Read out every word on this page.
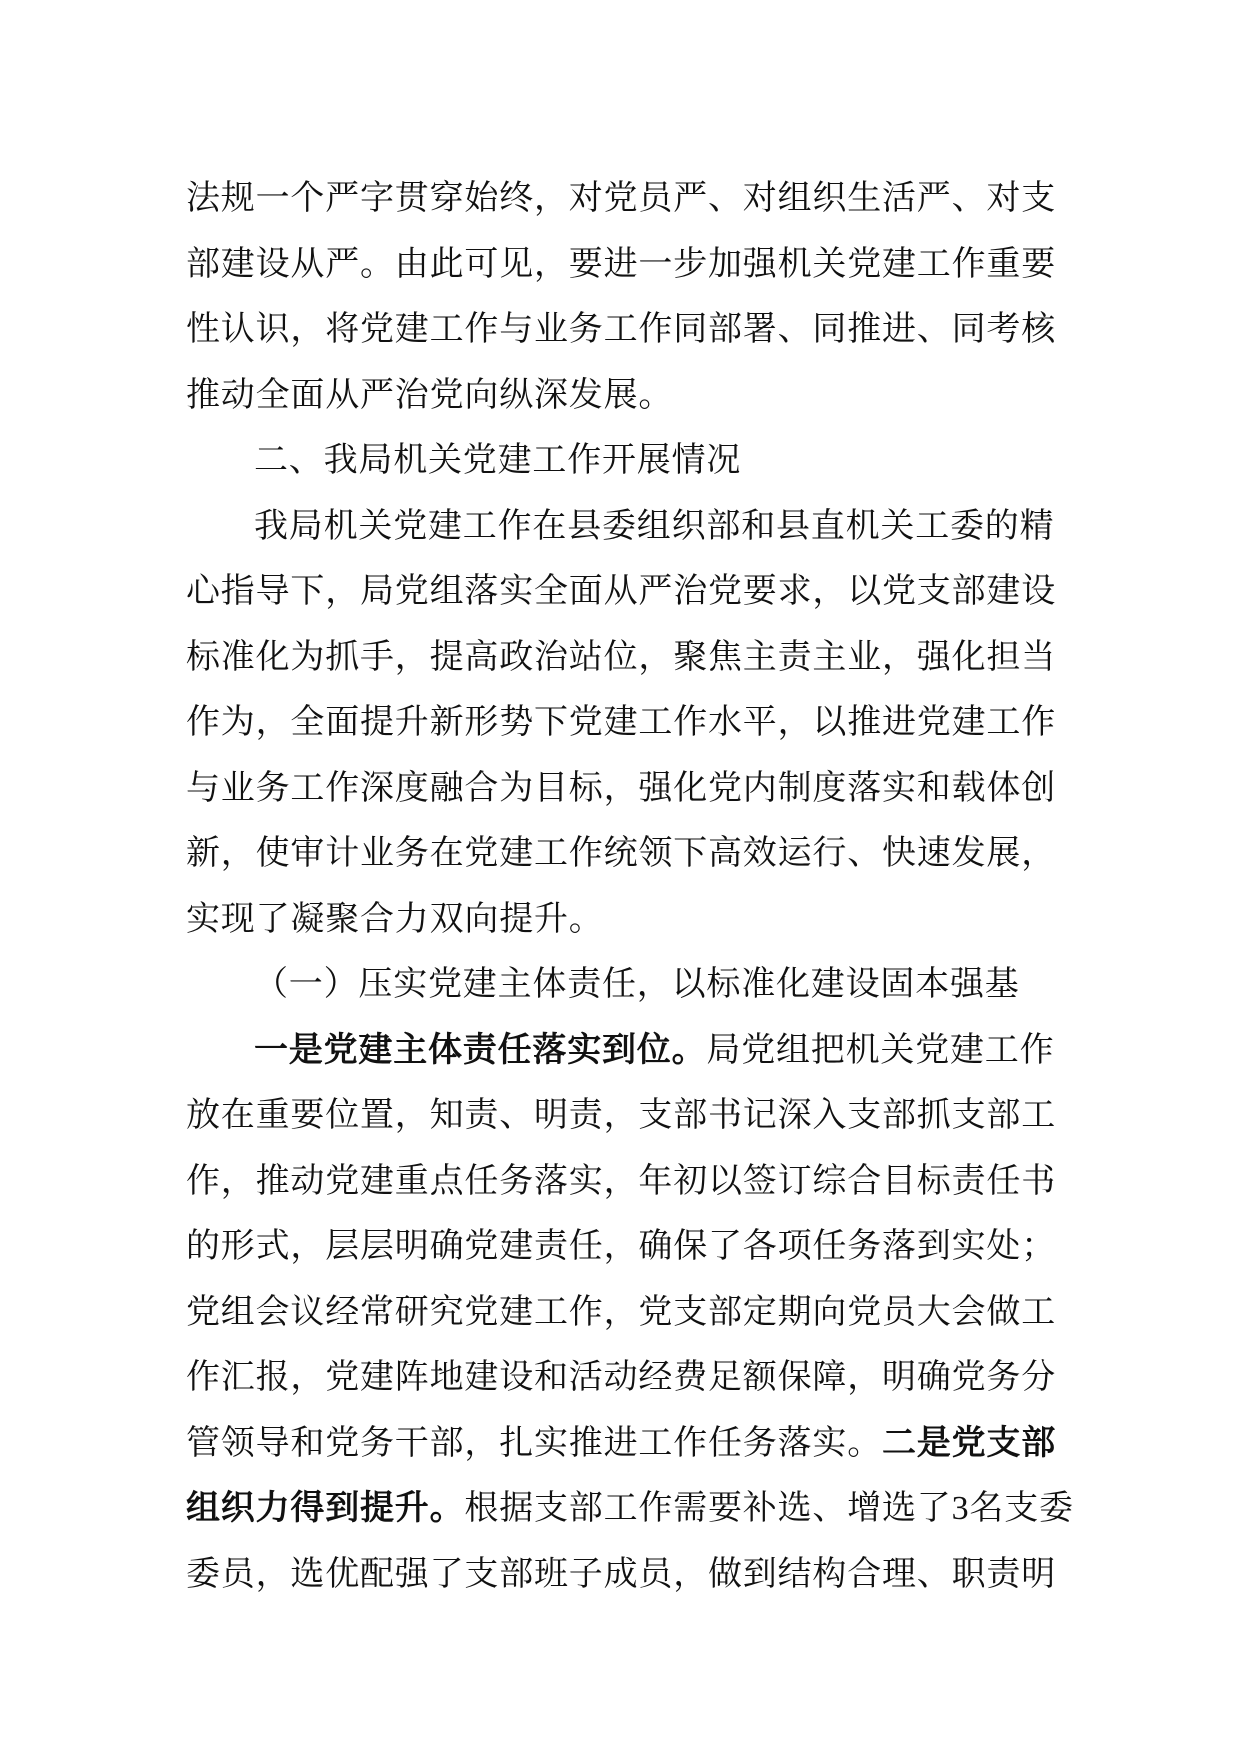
法规一个严字贯穿始终，对党员严、对组织生活严、对支
部建设从严。由此可见，要进一步加强机关党建工作重要
性认识，将党建工作与业务工作同部署、同推进、同考核
推动全面从严治党向纵深发展。
二、我局机关党建工作开展情况
我局机关党建工作在县委组织部和县直机关工委的精
心指导下，局党组落实全面从严治党要求，以党支部建设
标准化为抓手，提高政治站位，聚焦主责主业，强化担当
作为，全面提升新形势下党建工作水平，以推进党建工作
与业务工作深度融合为目标，强化党内制度落实和载体创
新，使审计业务在党建工作统领下高效运行、快速发展，
实现了凝聚合力双向提升。
（一）压实党建主体责任，以标准化建设固本强基
一是党建主体责任落实到位。局党组把机关党建工作
放在重要位置，知责、明责，支部书记深入支部抓支部工
作，推动党建重点任务落实，年初以签订综合目标责任书
的形式，层层明确党建责任，确保了各项任务落到实处；
党组会议经常研究党建工作，党支部定期向党员大会做工
作汇报，党建阵地建设和活动经费足额保障，明确党务分
管领导和党务干部，扎实推进工作任务落实。二是党支部
组织力得到提升。根据支部工作需要补选、增选了3名支委
委员，选优配强了支部班子成员，做到结构合理、职责明
